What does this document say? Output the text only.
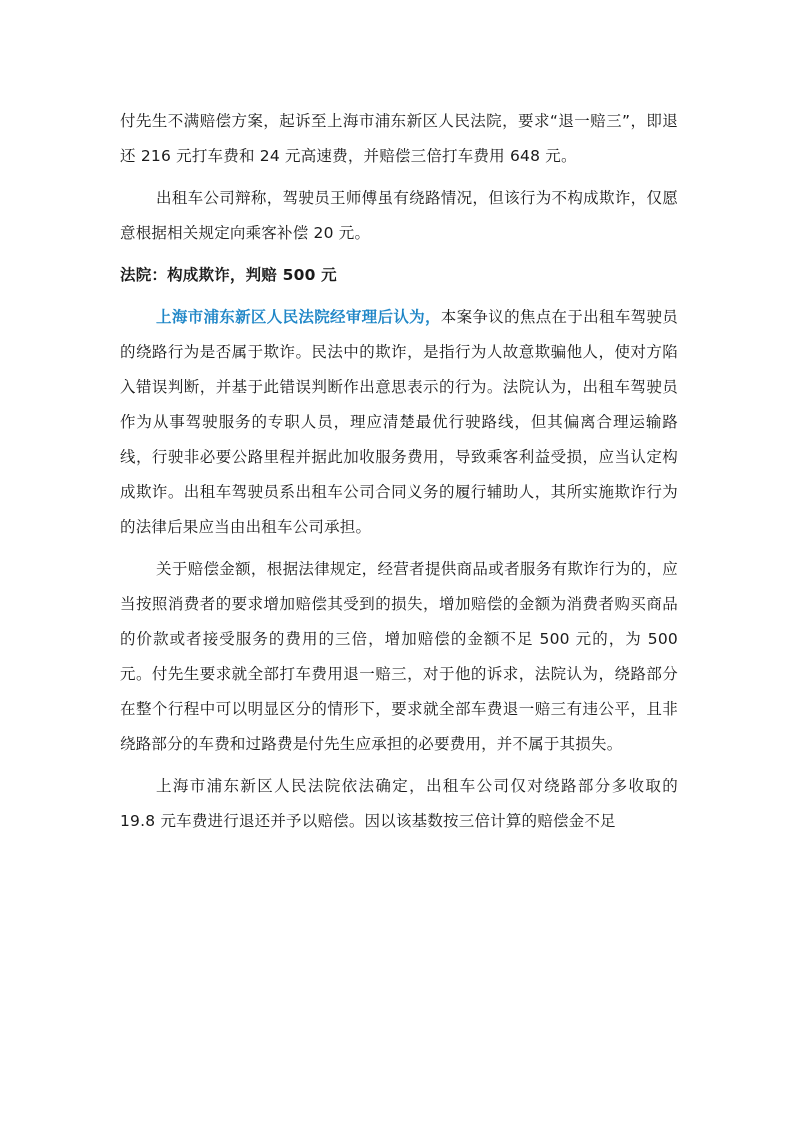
付先生不满赔偿方案，起诉至上海市浦东新区人民法院，要求“退一赔三”，即退还 216 元打车费和 24 元高速费，并赔偿三倍打车费用 648 元。

出租车公司辩称，驾驶员王师傅虽有绕路情况，但该行为不构成欺诈，仅愿意根据相关规定向乘客补偿 20 元。

法院：构成欺诈，判赔 500 元

上海市浦东新区人民法院经审理后认为，本案争议的焦点在于出租车驾驶员的绕路行为是否属于欺诈。民法中的欺诈，是指行为人故意欺骗他人，使对方陷入错误判断，并基于此错误判断作出意思表示的行为。法院认为，出租车驾驶员作为从事驾驶服务的专职人员，理应清楚最优行驶路线，但其偏离合理运输路线，行驶非必要公路里程并据此加收服务费用，导致乘客利益受损，应当认定构成欺诈。出租车驾驶员系出租车公司合同义务的履行辅助人，其所实施欺诈行为的法律后果应当由出租车公司承担。

关于赔偿金额，根据法律规定，经营者提供商品或者服务有欺诈行为的，应当按照消费者的要求增加赔偿其受到的损失，增加赔偿的金额为消费者购买商品的价款或者接受服务的费用的三倍，增加赔偿的金额不足 500 元的，为 500 元。付先生要求就全部打车费用退一赔三，对于他的诉求，法院认为，绕路部分在整个行程中可以明显区分的情形下，要求就全部车费退一赔三有违公平，且非绕路部分的车费和过路费是付先生应承担的必要费用，并不属于其损失。

上海市浦东新区人民法院依法确定，出租车公司仅对绕路部分多收取的 19.8 元车费进行退还并予以赔偿。因以该基数按三倍计算的赔偿金不足
